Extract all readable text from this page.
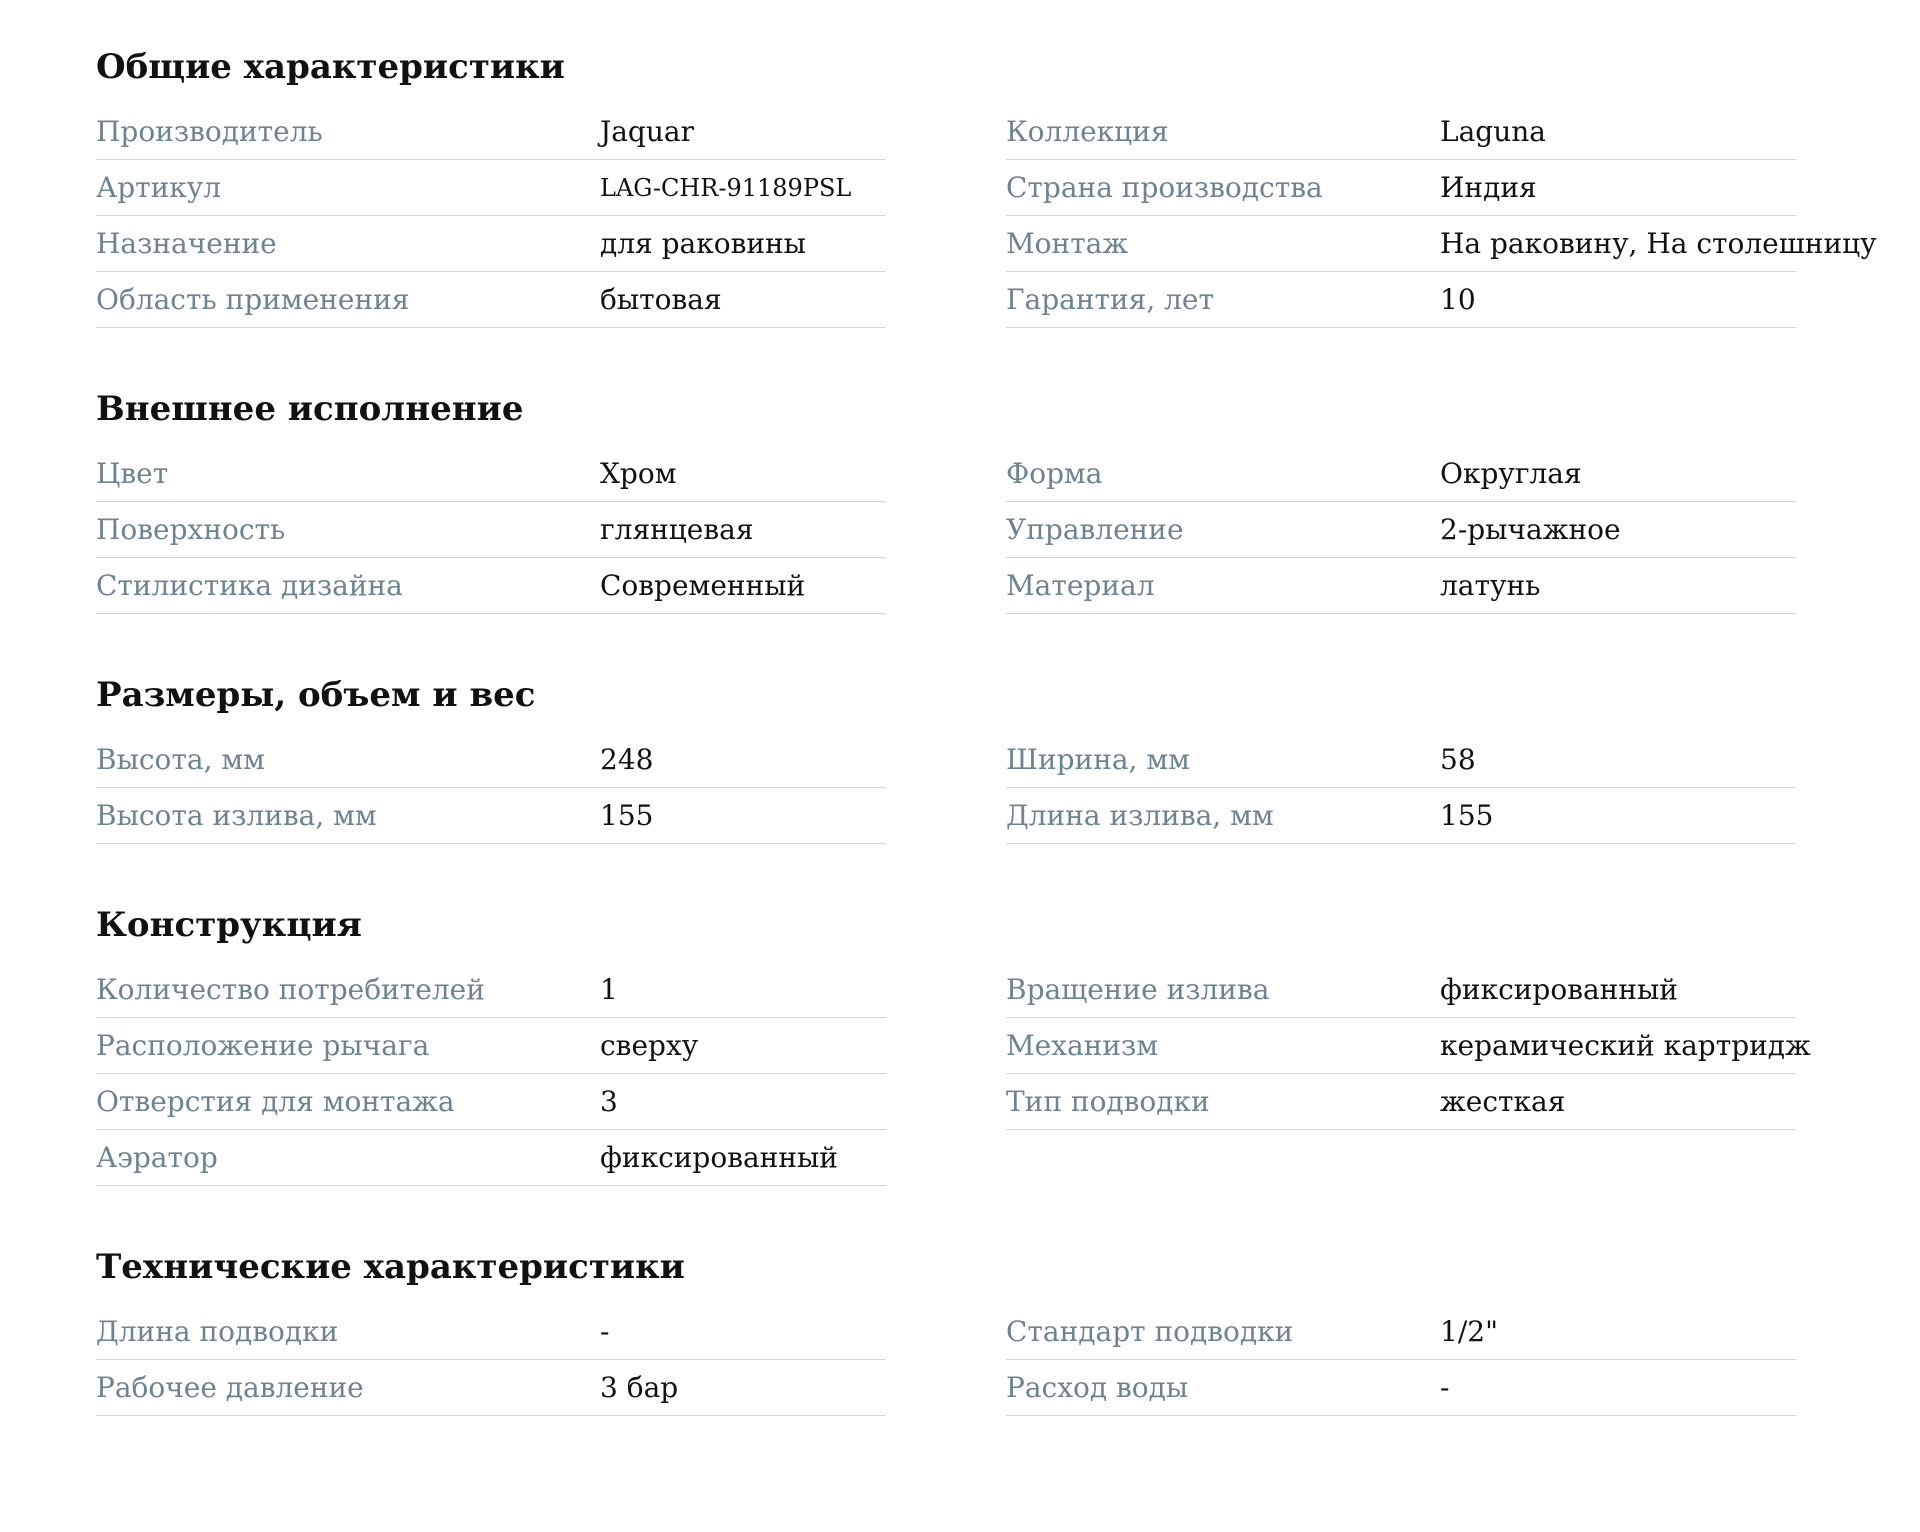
Общие характеристики
Производитель	Jaquar	Коллекция	Laguna
Артикул	LAG-CHR-91189PSL	Страна производства	Индия
Назначение	для раковины	Монтаж	На раковину, На столешницу
Область применения	бытовая	Гарантия, лет	10
Внешнее исполнение
Цвет	Хром	Форма	Округлая
Поверхность	глянцевая	Управление	2-рычажное
Стилистика дизайна	Современный	Материал	латунь
Размеры, объем и вес
Высота, мм	248	Ширина, мм	58
Высота излива, мм	155	Длина излива, мм	155
Конструкция
Количество потребителей	1	Вращение излива	фиксированный
Расположение рычага	сверху	Механизм	керамический картридж
Отверстия для монтажа	3	Тип подводки	жесткая
Аэратор	фиксированный
Технические характеристики
Длина подводки	-	Стандарт подводки	1/2"
Рабочее давление	3 бар	Расход воды	-
